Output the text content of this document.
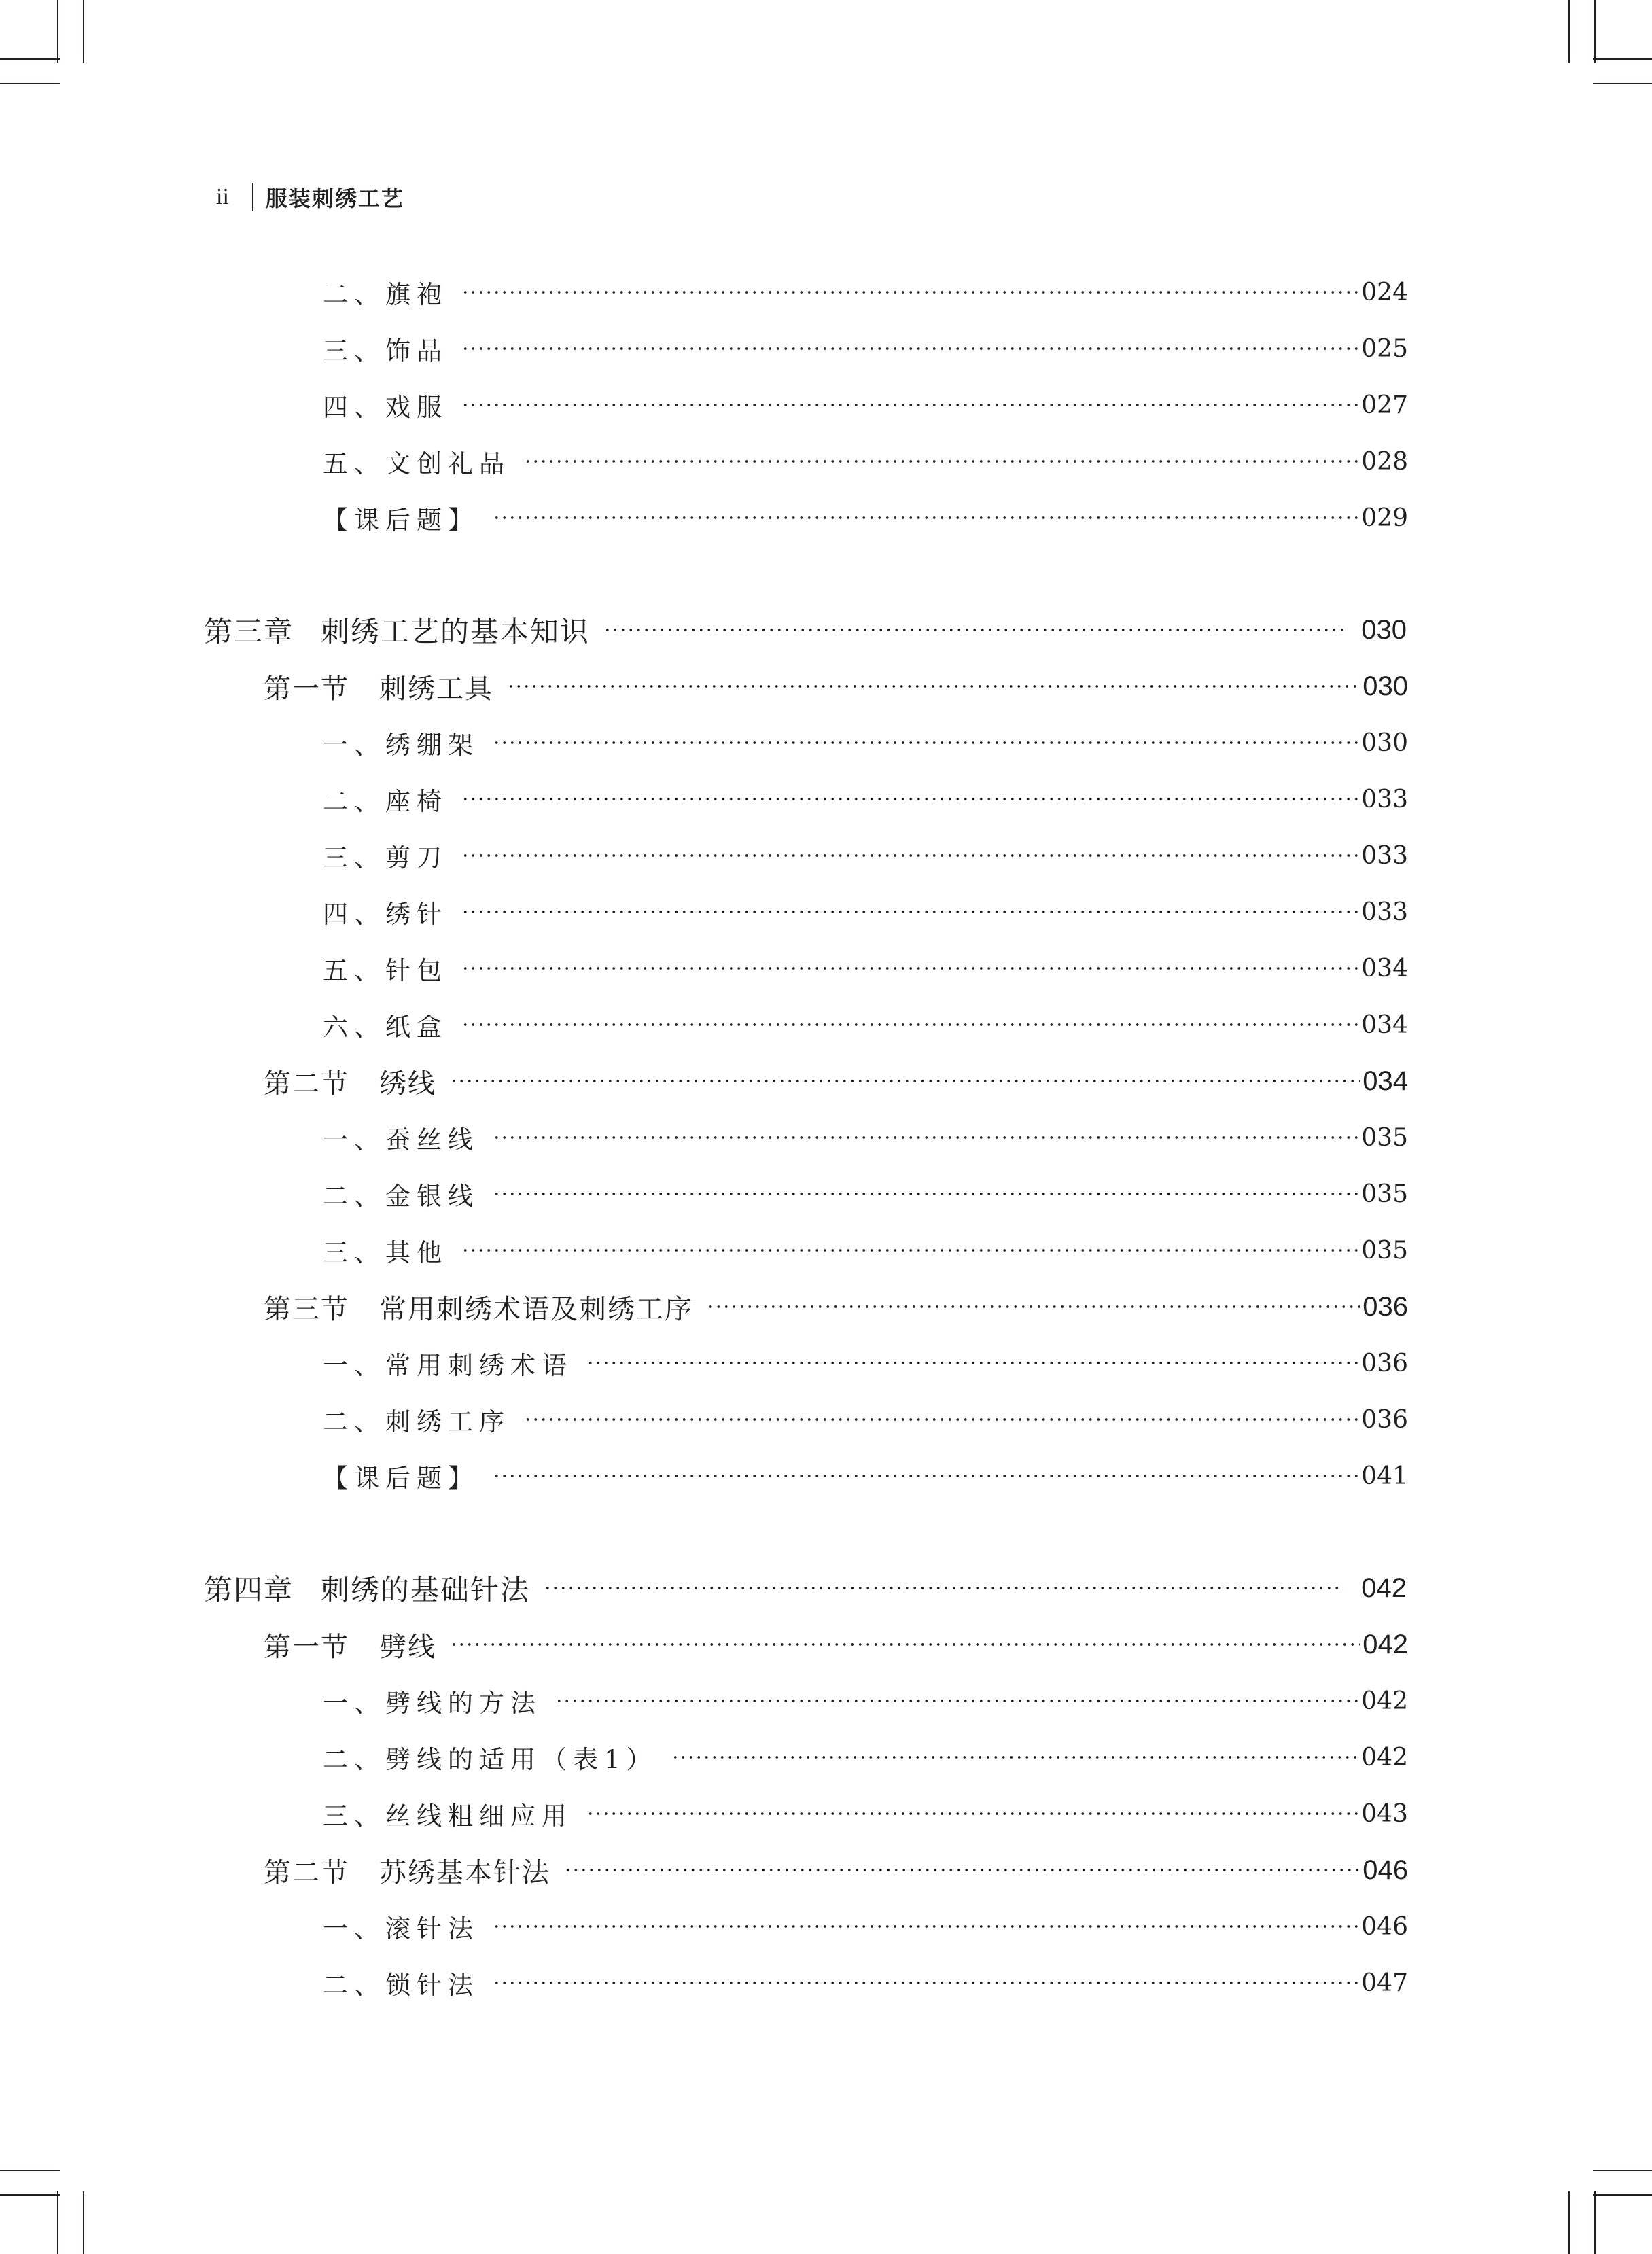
ii 服装刺绣工艺
二、旗袍	024
三、饰品	025
四、戏服	027
五、文创礼品	028
【课后题】	029
第三章 刺绣工艺的基本知识	030
第一节 刺绣工具	030
一、绣绷架	030
二、座椅	033
三、剪刀	033
四、绣针	033
五、针包	034
六、纸盒	034
第二节 绣线	034
一、蚕丝线	035
二、金银线	035
三、其他	035
第三节 常用刺绣术语及刺绣工序	036
一、常用刺绣术语	036
二、刺绣工序	036
【课后题】	041
第四章 刺绣的基础针法	042
第一节 劈线	042
一、劈线的方法	042
二、劈线的适用（表1）	042
三、丝线粗细应用	043
第二节 苏绣基本针法	046
一、滚针法	046
二、锁针法	047
